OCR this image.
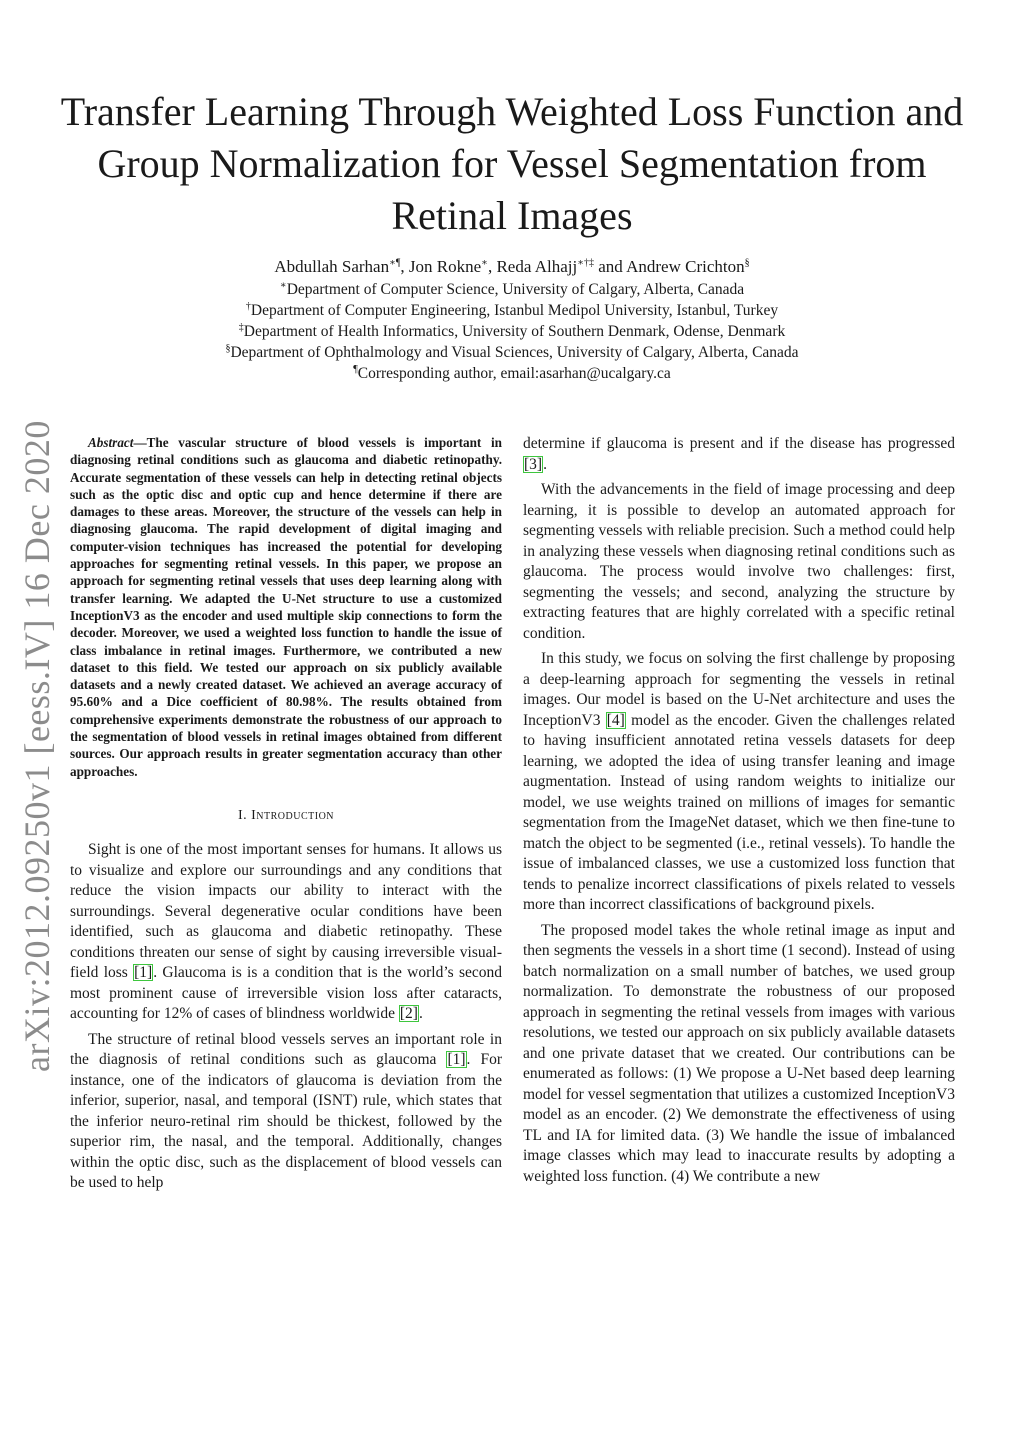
Transfer Learning Through Weighted Loss Function and Group Normalization for Vessel Segmentation from Retinal Images
Abdullah Sarhan∗¶, Jon Rokne∗, Reda Alhajj∗†‡ and Andrew Crichton§
∗Department of Computer Science, University of Calgary, Alberta, Canada
†Department of Computer Engineering, Istanbul Medipol University, Istanbul, Turkey
‡Department of Health Informatics, University of Southern Denmark, Odense, Denmark
§Department of Ophthalmology and Visual Sciences, University of Calgary, Alberta, Canada
¶Corresponding author, email:asarhan@ucalgary.ca
arXiv:2012.09250v1 [eess.IV] 16 Dec 2020	Abstract—The vascular structure of blood vessels is important in diagnosing retinal conditions such as glaucoma and diabetic retinopathy. Accurate segmentation of these vessels can help in detecting retinal objects such as the optic disc and optic cup and hence determine if there are damages to these areas. Moreover, the structure of the vessels can help in diagnosing glaucoma. The rapid development of digital imaging and computer-vision techniques has increased the potential for developing approaches for segmenting retinal vessels. In this paper, we propose an approach for segmenting retinal vessels that uses deep learning along with transfer learning. We adapted the U-Net structure to use a customized InceptionV3 as the encoder and used multiple skip connections to form the decoder. Moreover, we used a weighted loss function to handle the issue of class imbalance in retinal images. Furthermore, we contributed a new dataset to this field. We tested our approach on six publicly available datasets and a newly created dataset. We achieved an average accuracy of 95.60% and a Dice coefficient of 80.98%. The results obtained from comprehensive experiments demonstrate the robustness of our approach to the segmentation of blood vessels in retinal images obtained from different sources. Our approach results in greater segmentation accuracy than other approaches.

I. Introduction

Sight is one of the most important senses for humans. It allows us to visualize and explore our surroundings and any conditions that reduce the vision impacts our ability to interact with the surroundings. Several degenerative ocular conditions have been identified, such as glaucoma and diabetic retinopathy. These conditions threaten our sense of sight by causing irreversible visual-field loss [1]. Glaucoma is is a condition that is the world’s second most prominent cause of irreversible vision loss after cataracts, accounting for 12% of cases of blindness worldwide [2].

The structure of retinal blood vessels serves an important role in the diagnosis of retinal conditions such as glaucoma [1]. For instance, one of the indicators of glaucoma is deviation from the inferior, superior, nasal, and temporal (ISNT) rule, which states that the inferior neuro-retinal rim should be thickest, followed by the superior rim, the nasal, and the temporal. Additionally, changes within the optic disc, such as the displacement of blood vessels can be used to help

determine if glaucoma is present and if the disease has progressed [3].

With the advancements in the field of image processing and deep learning, it is possible to develop an automated approach for segmenting vessels with reliable precision. Such a method could help in analyzing these vessels when diagnosing retinal conditions such as glaucoma. The process would involve two challenges: first, segmenting the vessels; and second, analyzing the structure by extracting features that are highly correlated with a specific retinal condition.

In this study, we focus on solving the first challenge by proposing a deep-learning approach for segmenting the vessels in retinal images. Our model is based on the U-Net architecture and uses the InceptionV3 [4] model as the encoder. Given the challenges related to having insufficient annotated retina vessels datasets for deep learning, we adopted the idea of using transfer leaning and image augmentation. Instead of using random weights to initialize our model, we use weights trained on millions of images for semantic segmentation from the ImageNet dataset, which we then fine-tune to match the object to be segmented (i.e., retinal vessels). To handle the issue of imbalanced classes, we use a customized loss function that tends to penalize incorrect classifications of pixels related to vessels more than incorrect classifications of background pixels.

The proposed model takes the whole retinal image as input and then segments the vessels in a short time (1 second). Instead of using batch normalization on a small number of batches, we used group normalization. To demonstrate the robustness of our proposed approach in segmenting the retinal vessels from images with various resolutions, we tested our approach on six publicly available datasets and one private dataset that we created. Our contributions can be enumerated as follows: (1) We propose a U-Net based deep learning model for vessel segmentation that utilizes a customized InceptionV3 model as an encoder. (2) We demonstrate the effectiveness of using TL and IA for limited data. (3) We handle the issue of imbalanced image classes which may lead to inaccurate results by adopting a weighted loss function. (4) We contribute a new
